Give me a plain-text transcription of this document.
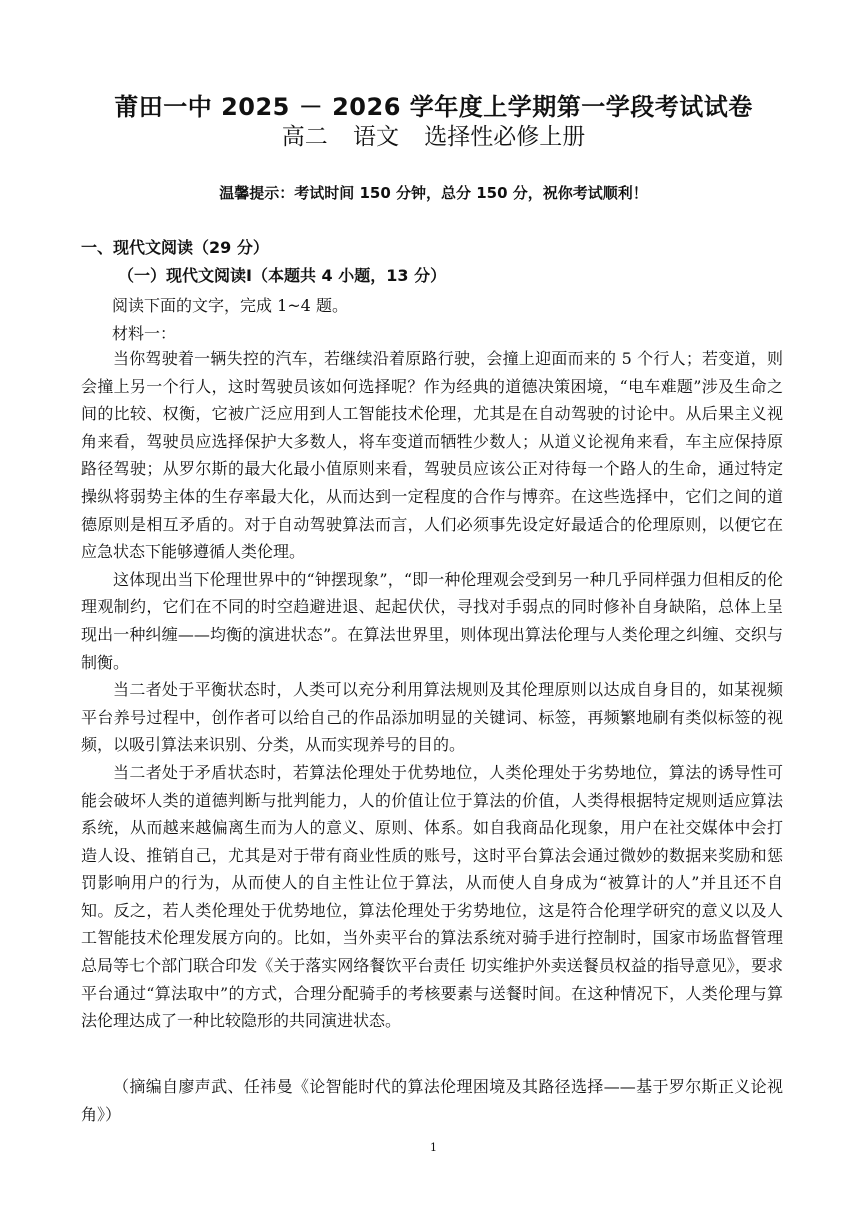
莆田一中 2025 － 2026 学年度上学期第一学段考试试卷
高二 语文 选择性必修上册
温馨提示：考试时间 150 分钟，总分 150 分，祝你考试顺利！
一、现代文阅读（29 分）
（一）现代文阅读Ⅰ（本题共 4 小题，13 分）
阅读下面的文字，完成 1~4 题。
材料一：

当你驾驶着一辆失控的汽车，若继续沿着原路行驶，会撞上迎面而来的 5 个行人；若变道，则会撞上另一个行人，这时驾驶员该如何选择呢？作为经典的道德决策困境，“电车难题”涉及生命之间的比较、权衡，它被广泛应用到人工智能技术伦理，尤其是在自动驾驶的讨论中。从后果主义视角来看，驾驶员应选择保护大多数人，将车变道而牺牲少数人；从道义论视角来看，车主应保持原路径驾驶；从罗尔斯的最大化最小值原则来看，驾驶员应该公正对待每一个路人的生命，通过特定操纵将弱势主体的生存率最大化，从而达到一定程度的合作与博弈。在这些选择中，它们之间的道德原则是相互矛盾的。对于自动驾驶算法而言，人们必须事先设定好最适合的伦理原则，以便它在应急状态下能够遵循人类伦理。

这体现出当下伦理世界中的“钟摆现象”，“即一种伦理观会受到另一种几乎同样强力但相反的伦理观制约，它们在不同的时空趋避进退、起起伏伏，寻找对手弱点的同时修补自身缺陷，总体上呈现出一种纠缠——均衡的演进状态”。在算法世界里，则体现出算法伦理与人类伦理之纠缠、交织与制衡。

当二者处于平衡状态时，人类可以充分利用算法规则及其伦理原则以达成自身目的，如某视频平台养号过程中，创作者可以给自己的作品添加明显的关键词、标签，再频繁地刷有类似标签的视频，以吸引算法来识别、分类，从而实现养号的目的。

当二者处于矛盾状态时，若算法伦理处于优势地位，人类伦理处于劣势地位，算法的诱导性可能会破坏人类的道德判断与批判能力，人的价值让位于算法的价值，人类得根据特定规则适应算法系统，从而越来越偏离生而为人的意义、原则、体系。如自我商品化现象，用户在社交媒体中会打造人设、推销自己，尤其是对于带有商业性质的账号，这时平台算法会通过微妙的数据来奖励和惩罚影响用户的行为，从而使人的自主性让位于算法，从而使人自身成为“被算计的人”并且还不自知。反之，若人类伦理处于优势地位，算法伦理处于劣势地位，这是符合伦理学研究的意义以及人工智能技术伦理发展方向的。比如，当外卖平台的算法系统对骑手进行控制时，国家市场监督管理总局等七个部门联合印发《关于落实网络餐饮平台责任 切实维护外卖送餐员权益的指导意见》，要求平台通过“算法取中”的方式，合理分配骑手的考核要素与送餐时间。在这种情况下，人类伦理与算法伦理达成了一种比较隐形的共同演进状态。

（摘编自廖声武、任祎曼《论智能时代的算法伦理困境及其路径选择——基于罗尔斯正义论视角》）
1
